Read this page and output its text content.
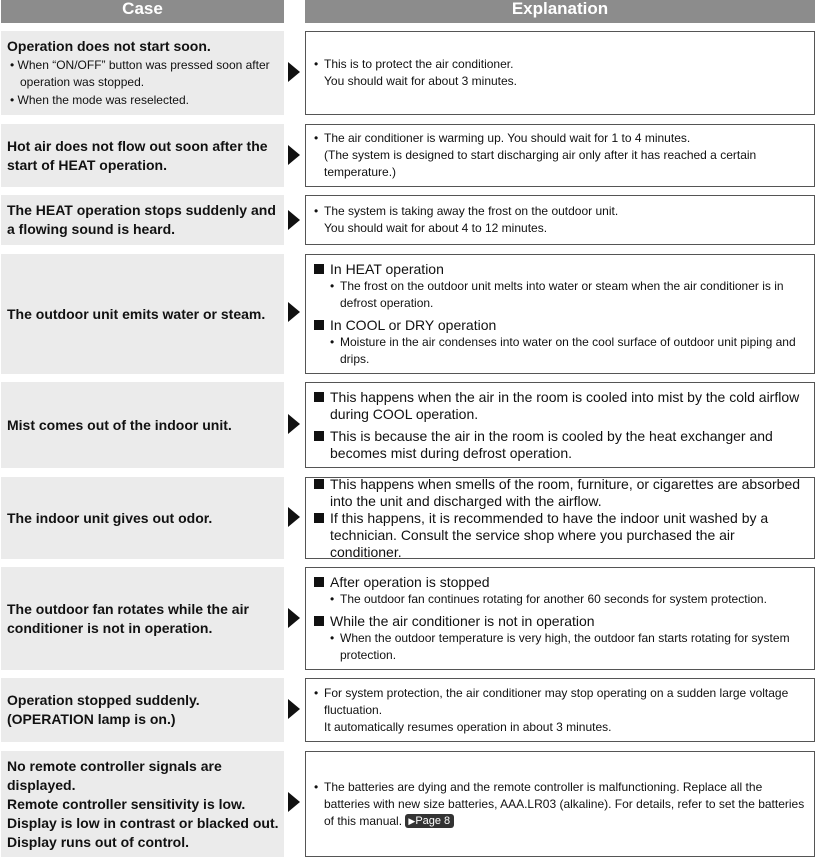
Case	Explanation
Operation does not start soon.
• When “ON/OFF” button was pressed soon after operation was stopped.
• When the mode was reselected.
• This is to protect the air conditioner.
You should wait for about 3 minutes.
Hot air does not flow out soon after the start of HEAT operation.
• The air conditioner is warming up. You should wait for 1 to 4 minutes.
(The system is designed to start discharging air only after it has reached a certain temperature.)
The HEAT operation stops suddenly and a flowing sound is heard.
• The system is taking away the frost on the outdoor unit.
You should wait for about 4 to 12 minutes.
The outdoor unit emits water or steam.
In HEAT operation
• The frost on the outdoor unit melts into water or steam when the air conditioner is in defrost operation.
In COOL or DRY operation
• Moisture in the air condenses into water on the cool surface of outdoor unit piping and drips.
Mist comes out of the indoor unit.
This happens when the air in the room is cooled into mist by the cold airflow during COOL operation.
This is because the air in the room is cooled by the heat exchanger and becomes mist during defrost operation.
The indoor unit gives out odor.
This happens when smells of the room, furniture, or cigarettes are absorbed into the unit and discharged with the airflow.
If this happens, it is recommended to have the indoor unit washed by a technician. Consult the service shop where you purchased the air conditioner.
The outdoor fan rotates while the air conditioner is not in operation.
After operation is stopped
• The outdoor fan continues rotating for another 60 seconds for system protection.
While the air conditioner is not in operation
• When the outdoor temperature is very high, the outdoor fan starts rotating for system protection.
Operation stopped suddenly.
(OPERATION lamp is on.)
• For system protection, the air conditioner may stop operating on a sudden large voltage fluctuation.
It automatically resumes operation in about 3 minutes.
No remote controller signals are displayed.
Remote controller sensitivity is low.
Display is low in contrast or blacked out.
Display runs out of control.
• The batteries are dying and the remote controller is malfunctioning. Replace all the batteries with new size batteries, AAA.LR03 (alkaline). For details, refer to set the batteries of this manual. ▶Page 8
